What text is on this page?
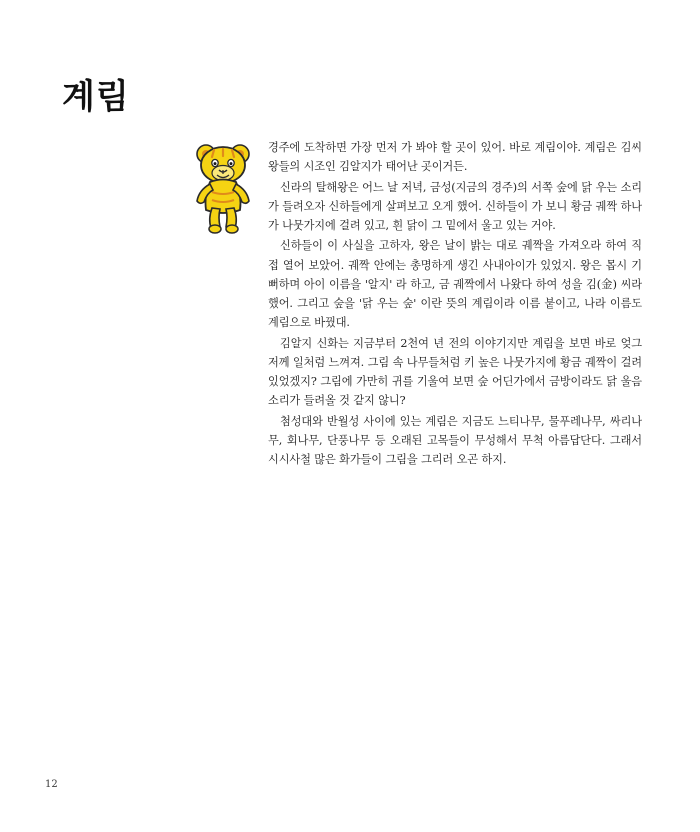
계림

경주에 도착하면 가장 먼저 가 봐야 할 곳이 있어. 바로 계림이야. 계림은 김씨 왕들의 시조인 김알지가 태어난 곳이거든.

신라의 탈해왕은 어느 날 저녁, 금성(지금의 경주)의 서쪽 숲에 닭 우는 소리가 들려오자 신하들에게 살펴보고 오게 했어. 신하들이 가 보니 황금 궤짝 하나가 나뭇가지에 걸려 있고, 흰 닭이 그 밑에서 울고 있는 거야.

신하들이 이 사실을 고하자, 왕은 날이 밝는 대로 궤짝을 가져오라 하여 직접 열어 보았어. 궤짝 안에는 총명하게 생긴 사내아이가 있었지. 왕은 몹시 기뻐하며 아이 이름을 '알지' 라 하고, 금 궤짝에서 나왔다 하여 성을 김(金) 씨라 했어. 그리고 숲을 '닭 우는 숲' 이란 뜻의 계림이라 이름 붙이고, 나라 이름도 계림으로 바꿨대.

김알지 신화는 지금부터 2천여 년 전의 이야기지만 계림을 보면 바로 엊그저께 일처럼 느껴져. 그림 속 나무들처럼 키 높은 나뭇가지에 황금 궤짝이 걸려 있었겠지? 그림에 가만히 귀를 기울여 보면 숲 어딘가에서 금방이라도 닭 울음소리가 들려올 것 같지 않니?

첨성대와 반월성 사이에 있는 계림은 지금도 느티나무, 물푸레나무, 싸리나무, 회나무, 단풍나무 등 오래된 고목들이 무성해서 무척 아름답단다. 그래서 시시사철 많은 화가들이 그림을 그리러 오곤 하지.

12
